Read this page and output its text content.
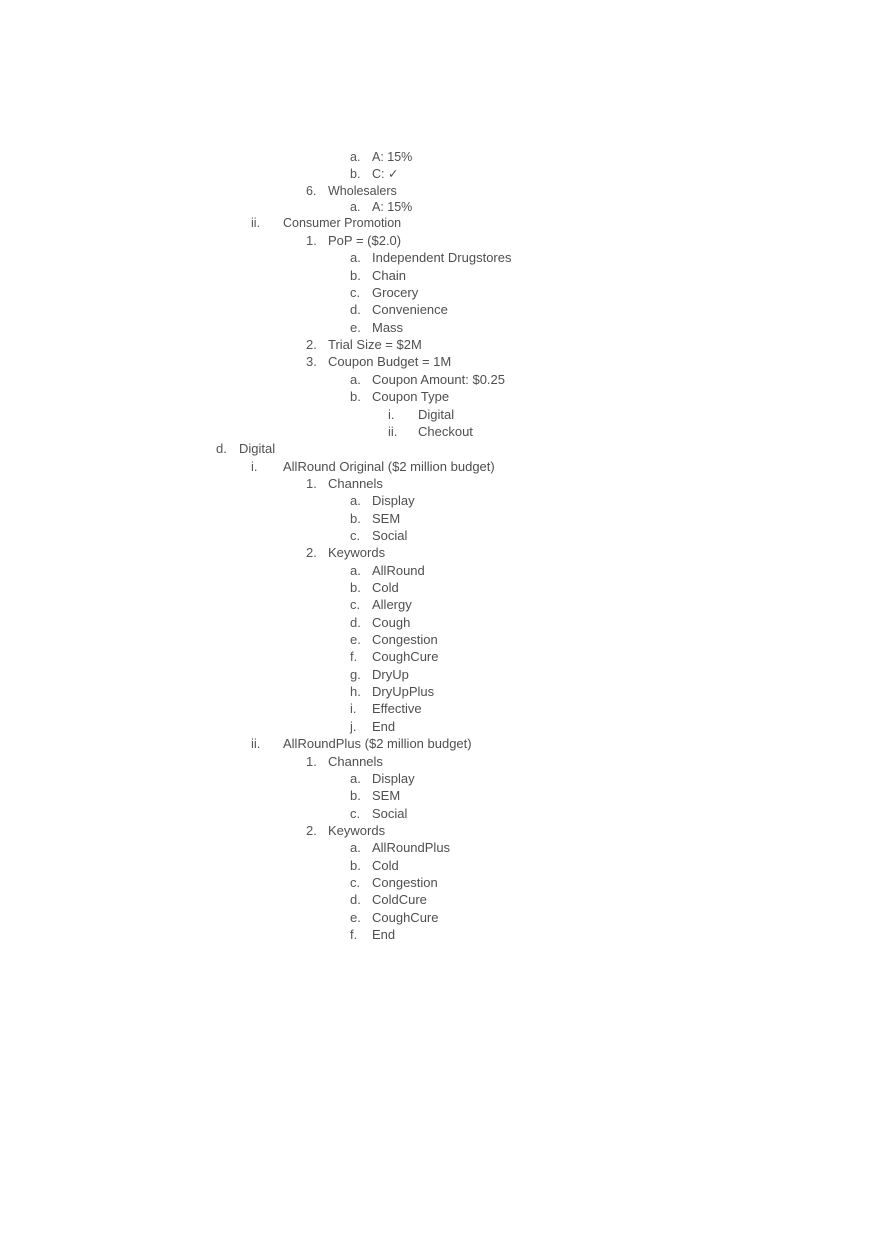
a. A: 15%
b. C: ✓
6. Wholesalers
a. A: 15%
ii. Consumer Promotion
1. PoP = ($2.0)
a. Independent Drugstores
b. Chain
c. Grocery
d. Convenience
e. Mass
2. Trial Size = $2M
3. Coupon Budget = 1M
a. Coupon Amount: $0.25
b. Coupon Type
i. Digital
ii. Checkout
d. Digital
i. AllRound Original ($2 million budget)
1. Channels
a. Display
b. SEM
c. Social
2. Keywords
a. AllRound
b. Cold
c. Allergy
d. Cough
e. Congestion
f. CoughCure
g. DryUp
h. DryUpPlus
i. Effective
j. End
ii. AllRoundPlus ($2 million budget)
1. Channels
a. Display
b. SEM
c. Social
2. Keywords
a. AllRoundPlus
b. Cold
c. Congestion
d. ColdCure
e. CoughCure
f. End
